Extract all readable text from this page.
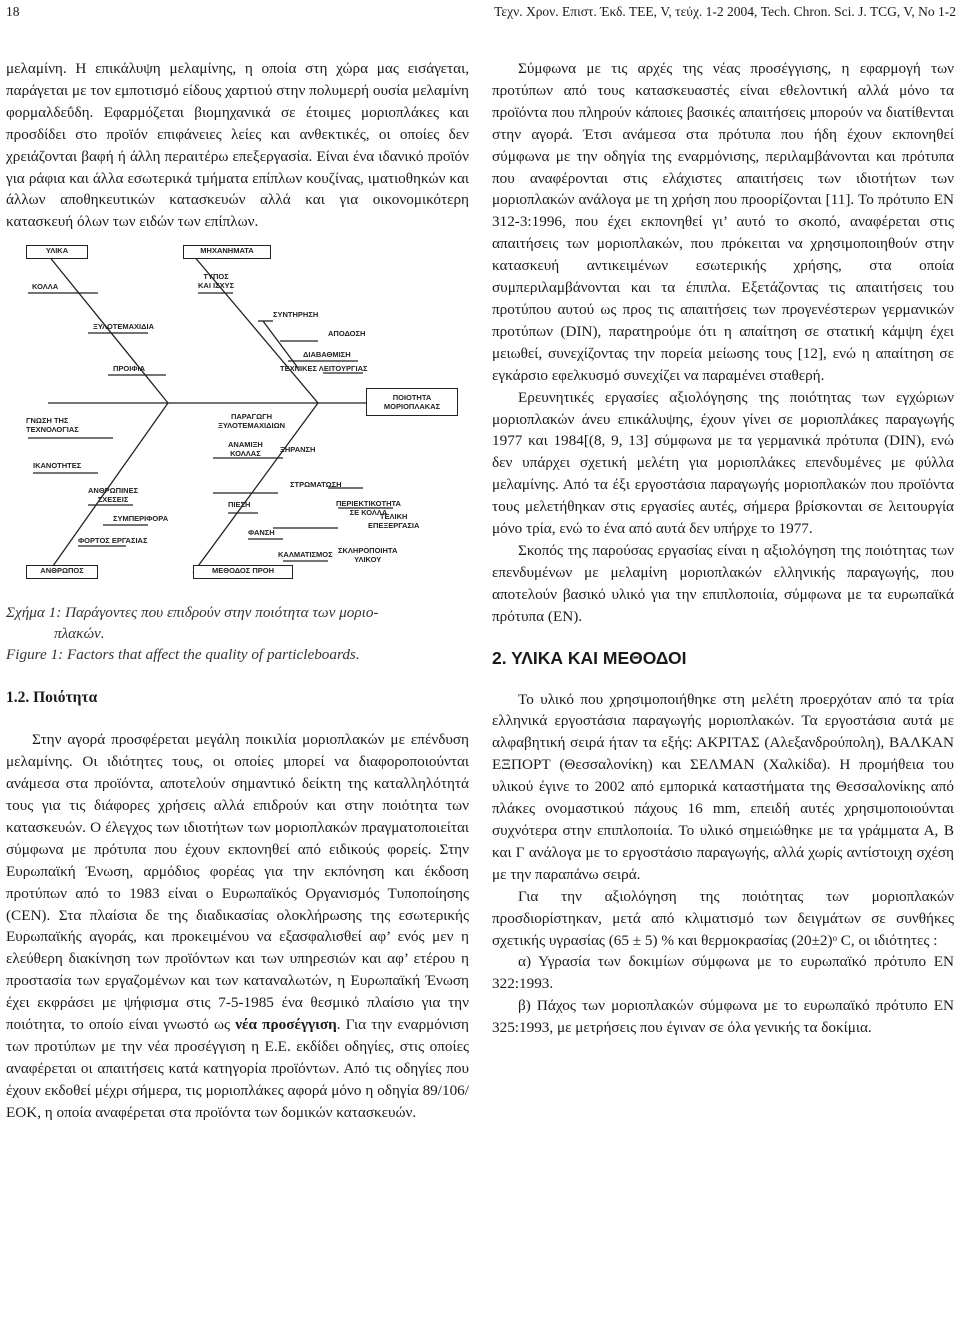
18	Τεχν. Χρον. Επιστ. Έκδ. ΤΕΕ, V, τεύχ. 1-2 2004, Tech. Chron. Sci. J. TCG, V, No 1-2

μελαμίνη. Η επικάλυψη μελαμίνης, η οποία στη χώρα μας εισάγεται, παράγεται με τον εμποτισμό είδους χαρτιού στην πολυμερή ουσία μελαμίνη φορμαλδεΰδη. Εφαρμόζεται βιομηχανικά σε έτοιμες μοριοπλάκες και προσδίδει στο προϊόν επιφάνειες λείες και ανθεκτικές, οι οποίες δεν χρειάζονται βαφή ή άλλη περαιτέρω επεξεργασία. Είναι ένα ιδανικό προϊόν για ράφια και άλλα εσωτερικά τμήματα επίπλων κουζίνας, ιματιοθηκών και άλλων αποθηκευτικών κατασκευών αλλά και για οικονομικότερη κατασκευή όλων των ειδών των επίπλων.

ΥΛΙΚΑ	ΜΗΧΑΝΗΜΑΤΑ
ΚΟΛΛΑ
ΤΥΠΟΣ
ΚΑΙ ΙΣΧΥΣ
ΣΥΝΤΗΡΗΣΗ
ΑΠΟΔΟΣΗ
ΔΙΑΒΑΘΜΙΣΗ
ΞΥΛΟΤΕΜΑΧΙΔΙΑ
ΤΕΧΝΙΚΕΣ ΛΕΙΤΟΥΡΓΙΑΣ
ΠΡΟΙΦΙΑ
ΠΟΙΟΤΗΤΑ ΜΟΡΙΟΠΛΑΚΑΣ
ΓΝΩΣΗ ΤΗΣ
ΤΕΧΝΟΛΟΓΙΑΣ
ΠΑΡΑΓΩΓΗ
ΞΥΛΟΤΕΜΑΧΙΔΙΩΝ
ΙΚΑΝΟΤΗΤΕΣ
ΑΝΑΜΙΞΗ
ΚΟΛΛΑΣ	ΞΗΡΑΝΣΗ
ΣΤΡΩΜΑΤΩΣΗ
ΠΙΕΣΗ
ΑΝΘΡΩΠΙΝΕΣ
ΣΧΕΣΕΙΣ	ΠΕΡΙΕΚΤΙΚΟΤΗΤΑ
ΣΕ ΚΟΛΛΑ
ΤΕΛΙΚΗ
ΕΠΕΞΕΡΓΑΣΙΑ
ΣΥΜΠΕΡΙΦΟΡΑ
ΦΑΝΣΗ
ΦΟΡΤΟΣ ΕΡΓΑΣΙΑΣ
ΚΑΛΜΑΤΙΣΜΟΣ ΣΚΛΗΡΟΠΟΙΗΤΑ
ΥΛΙΚΟΥ
ΑΝΘΡΩΠΟΣ	ΜΕΘΟΔΟΣ ΠΡΟΗ
Σχήμα 1: Παράγοντες που επιδρούν στην ποιότητα των μοριο-
πλακών.
Figure 1: Factors that affect the quality of particleboards.
1.2. Ποιότητα

Στην αγορά προσφέρεται μεγάλη ποικιλία μοριοπλακών με επένδυση μελαμίνης. Οι ιδιότητες τους, οι οποίες μπορεί να διαφοροποιούνται ανάμεσα στα προϊόντα, αποτελούν σημαντικό δείκτη της καταλληλότητά τους για τις διάφορες χρήσεις αλλά επιδρούν και στην ποιότητα των κατασκευών. Ο έλεγχος των ιδιοτήτων των μοριοπλακών πραγματοποιείται σύμφωνα με πρότυπα που έχουν εκπονηθεί από ειδικούς φορείς. Στην Ευρωπαϊκή Ένωση, αρμόδιος φορέας για την εκπόνηση και έκδοση προτύπων από το 1983 είναι ο Ευρωπαϊκός Οργανισμός Τυποποίησης (CEN). Στα πλαίσια δε της διαδικασίας ολοκλήρωσης της εσωτερικής Ευρωπαϊκής αγοράς, και προκειμένου να εξασφαλισθεί αφ’ ενός μεν η ελεύθερη διακίνηση των προϊόντων και των υπηρεσιών και αφ’ ετέρου η προστασία των εργαζομένων και των καταναλωτών, η Ευρωπαϊκή Ένωση έχει εκφράσει με ψήφισμα στις 7-5-1985 ένα θεσμικό πλαίσιο για την ποιότητα, το οποίο είναι γνωστό ως νέα προσέγγιση. Για την εναρμόνιση των προτύπων με την νέα προσέγγιση η Ε.Ε. εκδίδει οδηγίες, στις οποίες αναφέρεται οι απαιτήσεις κατά κατηγορία προϊόντων. Από τις οδηγίες που έχουν εκδοθεί μέχρι σήμερα, τις μοριοπλάκες αφορά μόνο η οδηγία 89/106/ΕΟΚ, η οποία αναφέρεται στα προϊόντα των δομικών κατασκευών.

Σύμφωνα με τις αρχές της νέας προσέγγισης, η εφαρμογή των προτύπων από τους κατασκευαστές είναι εθελοντική αλλά μόνο τα προϊόντα που πληρούν κάποιες βασικές απαιτήσεις μπορούν να διατίθενται στην αγορά. Έτσι ανάμεσα στα πρότυπα που ήδη έχουν εκπονηθεί σύμφωνα με την οδηγία της εναρμόνισης, περιλαμβάνονται και πρότυπα που αναφέρονται στις ελάχιστες απαιτήσεις των ιδιοτήτων των μοριοπλακών ανάλογα με τη χρήση που προορίζονται [11]. Το πρότυπο EN 312-3:1996, που έχει εκπονηθεί γι’ αυτό το σκοπό, αναφέρεται στις απαιτήσεις των μοριοπλακών, που πρόκειται να χρησιμοποιηθούν στην κατασκευή αντικειμένων εσωτερικής χρήσης, στα οποία συμπεριλαμβάνονται και τα έπιπλα. Εξετάζοντας τις απαιτήσεις του προτύπου αυτού ως προς τις απαιτήσεις των προγενέστερων γερμανικών προτύπων (DIN), παρατηρούμε ότι η απαίτηση σε στατική κάμψη έχει μειωθεί, συνεχίζοντας την πορεία μείωσης τους [12], ενώ η απαίτηση σε εγκάρσιο εφελκυσμό συνεχίζει να παραμένει σταθερή.

Ερευνητικές εργασίες αξιολόγησης της ποιότητας των εγχώριων μοριοπλακών άνευ επικάλυψης, έχουν γίνει σε μοριοπλάκες παραγωγής 1977 και 1984[(8, 9, 13] σύμφωνα με τα γερμανικά πρότυπα (DIN), ενώ δεν υπάρχει σχετική μελέτη για μοριοπλάκες επενδυμένες με φύλλα μελαμίνης. Από τα έξι εργοστάσια παραγωγής μοριοπλακών που προϊόντα τους μελετήθηκαν στις εργασίες αυτές, σήμερα βρίσκονται σε λειτουργία μόνο τρία, ενώ το ένα από αυτά δεν υπήρχε το 1977.

Σκοπός της παρούσας εργασίας είναι η αξιολόγηση της ποιότητας των επενδυμένων με μελαμίνη μοριοπλακών ελληνικής παραγωγής, που αποτελούν βασικό υλικό για την επιπλοποιία, σύμφωνα με τα ευρωπαϊκά πρότυπα (EN).

2. ΥΛΙΚΑ ΚΑΙ ΜΕΘΟΔΟΙ

Το υλικό που χρησιμοποιήθηκε στη μελέτη προερχόταν από τα τρία ελληνικά εργοστάσια παραγωγής μοριοπλακών. Τα εργοστάσια αυτά με αλφαβητική σειρά ήταν τα εξής: ΑΚΡΙΤΑΣ (Αλεξανδρούπολη), ΒΑΛΚΑΝ ΕΞΠΟΡΤ (Θεσσαλονίκη) και ΣΕΛΜΑΝ (Χαλκίδα). Η προμήθεια του υλικού έγινε το 2002 από εμπορικά καταστήματα της Θεσσαλονίκης από πλάκες ονομαστικού πάχους 16 mm, επειδή αυτές χρησιμοποιούνται συχνότερα στην επιπλοποιία. Το υλικό σημειώθηκε με τα γράμματα Α, Β και Γ ανάλογα με το εργοστάσιο παραγωγής, αλλά χωρίς αντίστοιχη σχέση με την παραπάνω σειρά.

Για την αξιολόγηση της ποιότητας των μοριοπλακών προσδιορίστηκαν, μετά από κλιματισμό των δειγμάτων σε συνθήκες σχετικής υγρασίας (65 ± 5) % και θερμοκρασίας (20±2)ᵒ C, οι ιδιότητες :

α) Υγρασία των δοκιμίων σύμφωνα με το ευρωπαϊκό πρότυπο EN 322:1993.

β) Πάχος των μοριοπλακών σύμφωνα με το ευρωπαϊκό πρότυπο EN 325:1993, με μετρήσεις που έγιναν σε όλα γενικής τα δοκίμια.
